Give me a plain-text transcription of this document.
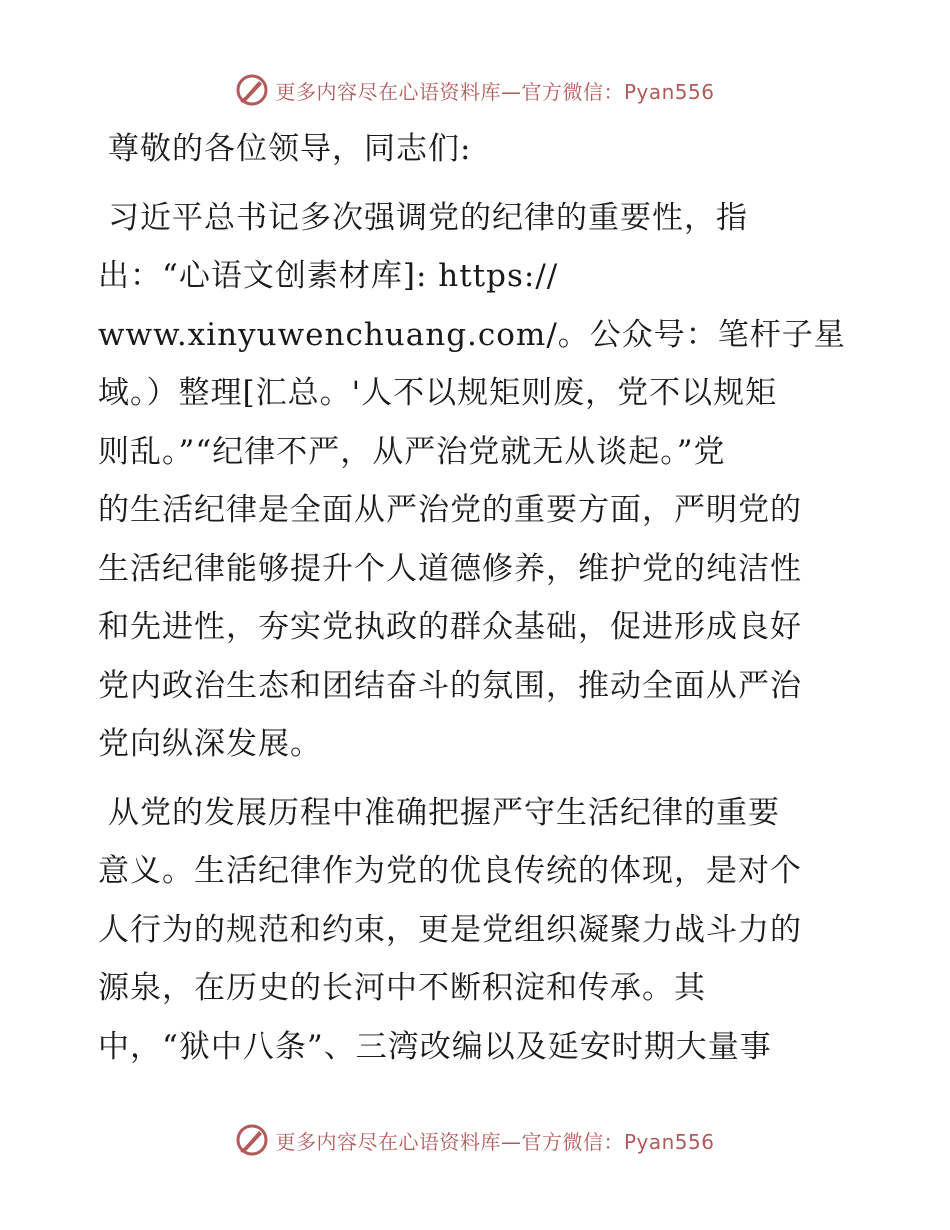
更多内容尽在心语资料库—官方微信：Pyan556

尊敬的各位领导，同志们:

习近平总书记多次强调党的纪律的重要性，指
出：“心语文创素材库]: https://
www.xinyuwenchuang.com/。公众号：笔杆子星
域。）整理[汇总。'人不以规矩则废，党不以规矩
则乱。”“纪律不严，从严治党就无从谈起。”党
的生活纪律是全面从严治党的重要方面，严明党的
生活纪律能够提升个人道德修养，维护党的纯洁性
和先进性，夯实党执政的群众基础，促进形成良好
党内政治生态和团结奋斗的氛围，推动全面从严治
党向纵深发展。
从党的发展历程中准确把握严守生活纪律的重要
意义。生活纪律作为党的优良传统的体现，是对个
人行为的规范和约束，更是党组织凝聚力战斗力的
源泉，在历史的长河中不断积淀和传承。其
中，“狱中八条”、三湾改编以及延安时期大量事
更多内容尽在心语资料库—官方微信：Pyan556
